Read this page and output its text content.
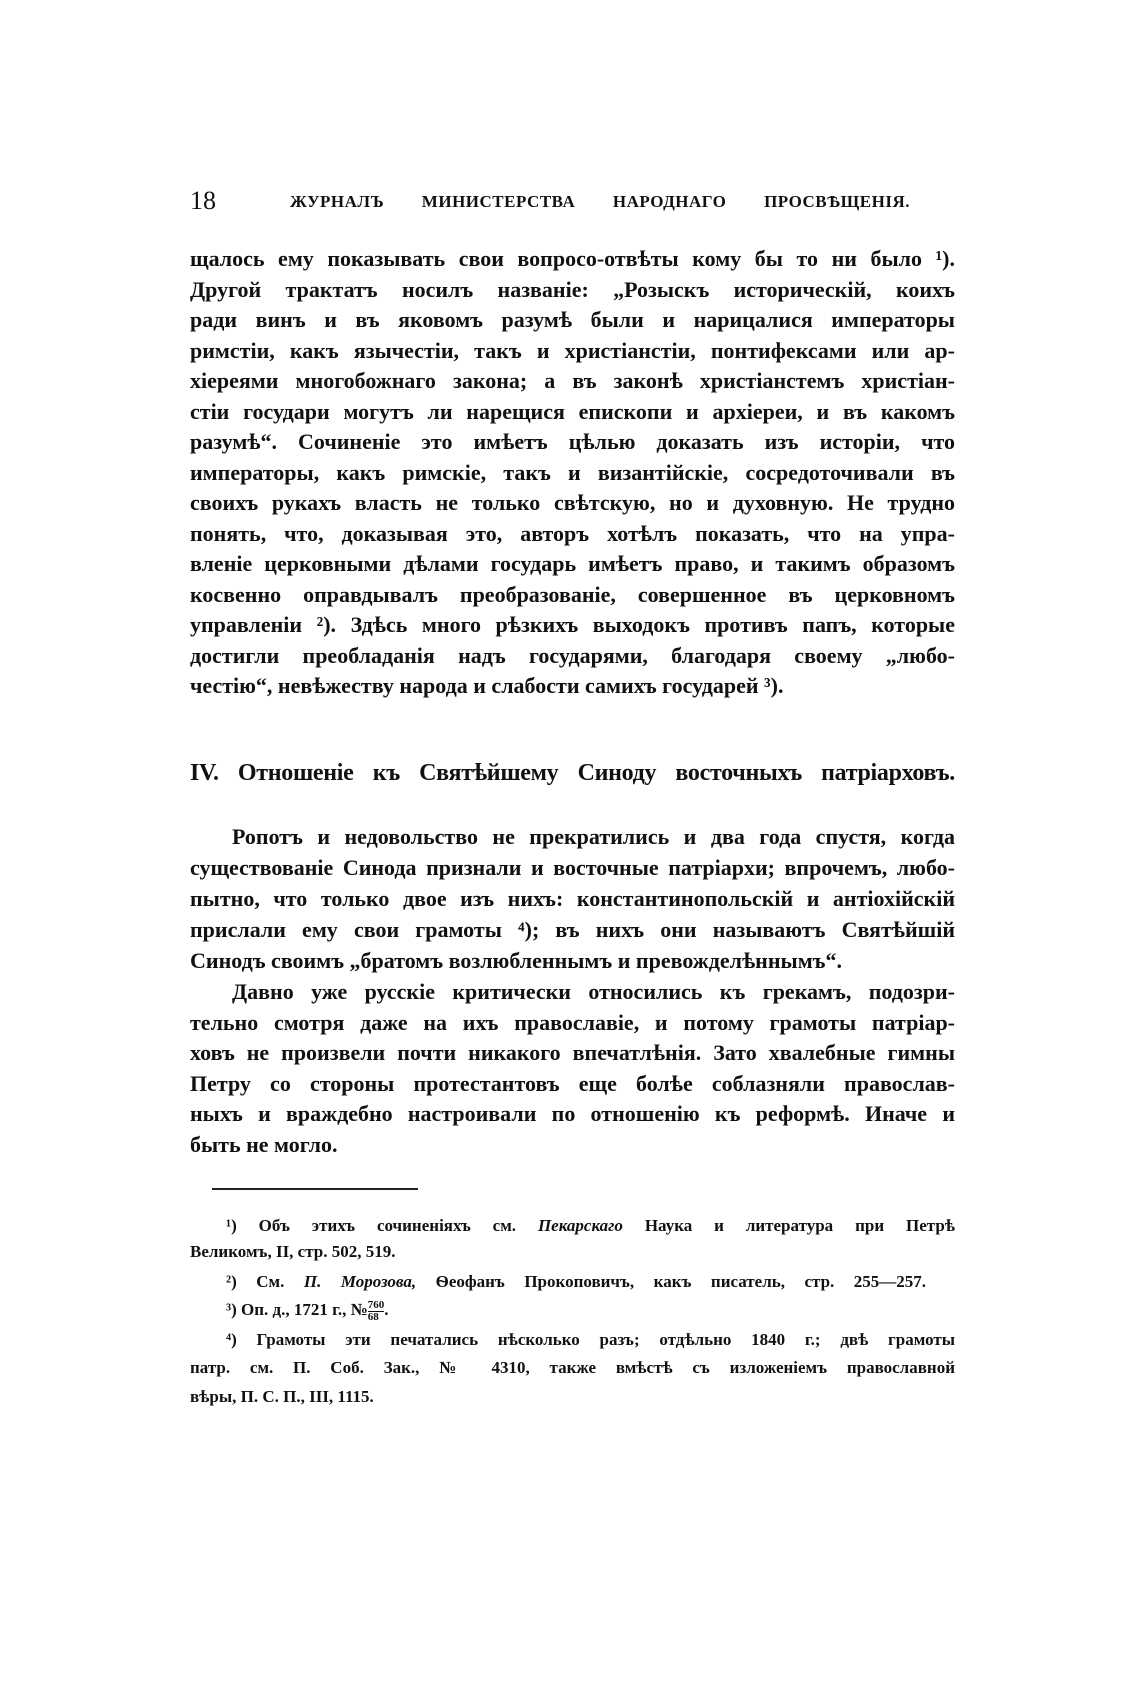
18	ЖУРНАЛЪ МИНИСТЕРСТВА НАРОДНАГО ПРОСВѢЩЕНІЯ.
щалось ему показывать свои вопросо-отвѣты кому бы то ни было ¹).
Другой трактатъ носилъ названіе: „Розыскъ историческій, коихъ
ради винъ и въ яковомъ разумѣ были и нарицалися императоры
римстіи, какъ язычестіи, такъ и христіанстіи, понтифексами или ар-
хіереями многобожнаго закона; а въ законѣ христіанстемъ христіан-
стіи государи могутъ ли нарещися епископи и архіереи, и въ какомъ
разумѣ“. Сочиненіе это имѣетъ цѣлью доказать изъ исторіи, что
императоры, какъ римскіе, такъ и византійскіе, сосредоточивали въ
своихъ рукахъ власть не только свѣтскую, но и духовную. Не трудно
понять, что, доказывая это, авторъ хотѣлъ показать, что на упра-
вленіе церковными дѣлами государь имѣетъ право, и такимъ образомъ
косвенно оправдывалъ преобразованіе, совершенное въ церковномъ
управленіи ²). Здѣсь много рѣзкихъ выходокъ противъ папъ, которые
достигли преобладанія надъ государями, благодаря своему „любо-
честію“, невѣжеству народа и слабости самихъ государей ³).
IV. Отношеніе къ Святѣйшему Синоду восточныхъ патріарховъ.
Ропотъ и недовольство не прекратились и два года спустя, когда
существованіе Синода признали и восточные патріархи; впрочемъ, любо-
пытно, что только двое изъ нихъ: константинопольскій и антіохійскій
прислали ему свои грамоты ⁴); въ нихъ они называютъ Святѣйшій
Синодъ своимъ „братомъ возлюбленнымъ и превожделѣннымъ“.
Давно уже русскіе критически относились къ грекамъ, подозри-
тельно смотря даже на ихъ православіе, и потому грамоты патріар-
ховъ не произвели почти никакого впечатлѣнія. Зато хвалебные гимны
Петру со стороны протестантовъ еще болѣе соблазняли православ-
ныхъ и враждебно настроивали по отношенію къ реформѣ. Иначе и
быть не могло.
¹) Объ этихъ сочиненіяхъ см. Пекарскаго Наука и литература при Петрѣ
Великомъ, II, стр. 502, 519.
²) См. П. Морозова, Ѳеофанъ Прокоповичъ, какъ писатель, стр. 255—257.
³) Оп. д., 1721 г., № $\frac{760}{68}$ .
⁴) Грамоты эти печатались нѣсколько разъ; отдѣльно 1840 г.; двѣ грамоты
патр. см. П. Соб. Зак., № 4310, также вмѣстѣ съ изложеніемъ православной
вѣры, П. С. П., III, 1115.
